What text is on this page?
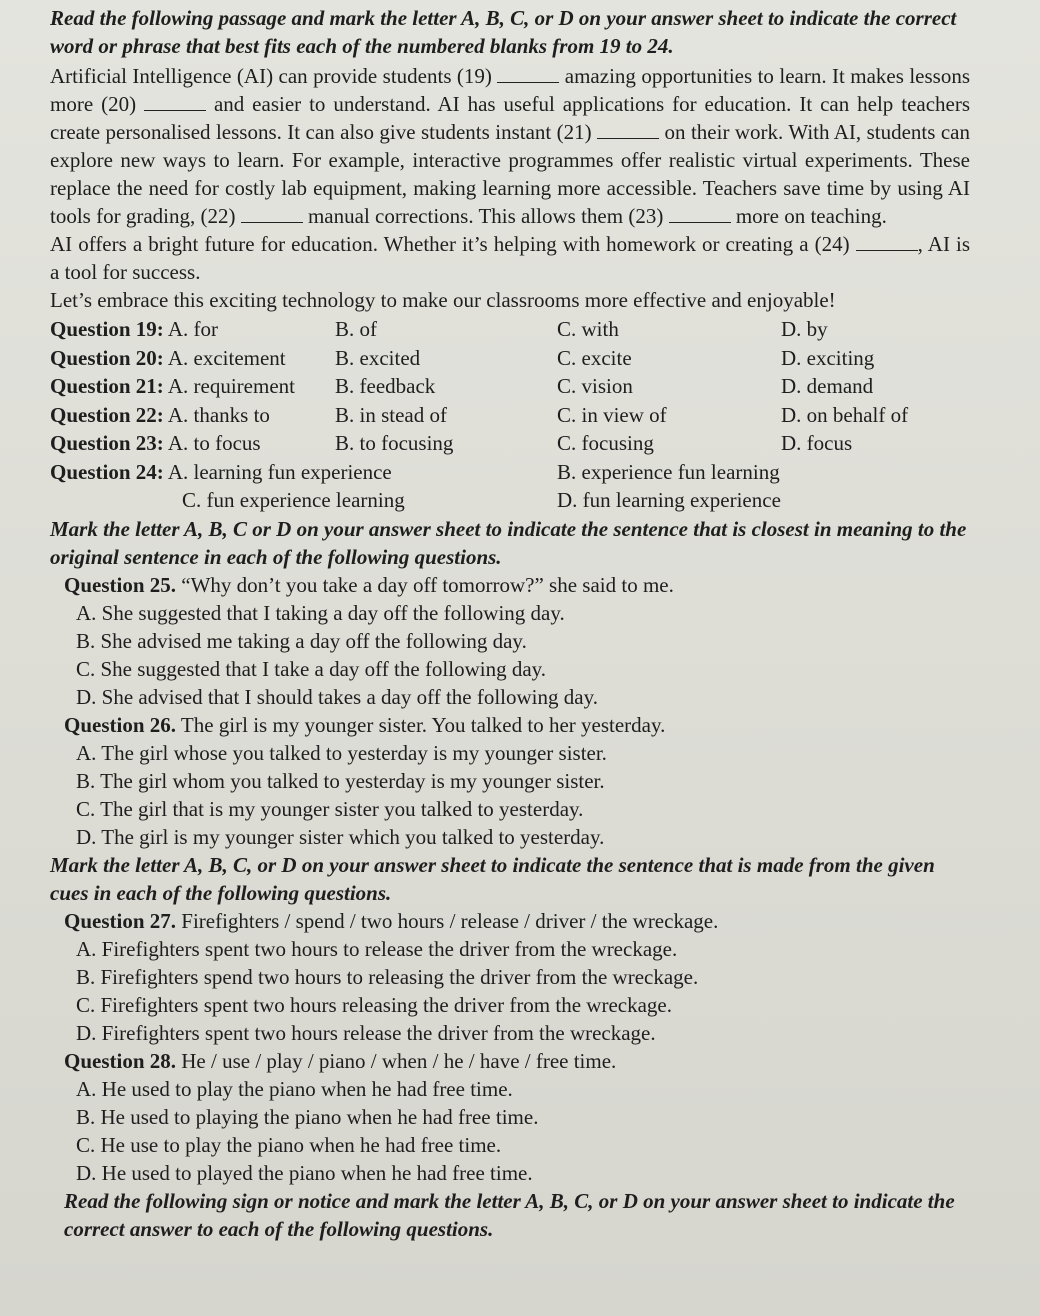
Read the following passage and mark the letter A, B, C, or D on your answer sheet to indicate the correct word or phrase that best fits each of the numbered blanks from 19 to 24.

Artificial Intelligence (AI) can provide students (19)	amazing opportunities to learn. It makes lessons more (20)	and easier to understand. AI has useful applications for education. It can help teachers create personalised lessons. It can also give students instant (21)	on their work. With AI, students can explore new ways to learn. For example, interactive programmes offer realistic virtual experiments. These replace the need for costly lab equipment, making learning more accessible. Teachers save time by using AI tools for grading, (22)	manual corrections. This allows them (23)	more on teaching.

AI offers a bright future for education. Whether it’s helping with homework or creating a (24)	, AI is a tool for success.

Let’s embrace this exciting technology to make our classrooms more effective and enjoyable!

Question 19: A. for	B. of	C. with	D. by
Question 20: A. excitement	B. excited	C. excite	D. exciting
Question 21: A. requirement	B. feedback	C. vision	D. demand
Question 22: A. thanks to	B. in stead of	C. in view of	D. on behalf of
Question 23: A. to focus	B. to focusing	C. focusing	D. focus
Question 24: A. learning fun experience	B. experience fun learning
C. fun experience learning	D. fun learning experience

Mark the letter A, B, C or D on your answer sheet to indicate the sentence that is closest in meaning to the original sentence in each of the following questions.

Question 25. “Why don’t you take a day off tomorrow?” she said to me.
A. She suggested that I taking a day off the following day.
B. She advised me taking a day off the following day.
C. She suggested that I take a day off the following day.
D. She advised that I should takes a day off the following day.
Question 26. The girl is my younger sister. You talked to her yesterday.
A. The girl whose you talked to yesterday is my younger sister.
B. The girl whom you talked to yesterday is my younger sister.
C. The girl that is my younger sister you talked to yesterday.
D. The girl is my younger sister which you talked to yesterday.

Mark the letter A, B, C, or D on your answer sheet to indicate the sentence that is made from the given cues in each of the following questions.

Question 27. Firefighters / spend / two hours / release / driver / the wreckage.
A. Firefighters spent two hours to release the driver from the wreckage.
B. Firefighters spend two hours to releasing the driver from the wreckage.
C. Firefighters spent two hours releasing the driver from the wreckage.
D. Firefighters spent two hours release the driver from the wreckage.
Question 28. He / use / play / piano / when / he / have / free time.
A. He used to play the piano when he had free time.
B. He used to playing the piano when he had free time.
C. He use to play the piano when he had free time.
D. He used to played the piano when he had free time.

Read the following sign or notice and mark the letter A, B, C, or D on your answer sheet to indicate the correct answer to each of the following questions.
